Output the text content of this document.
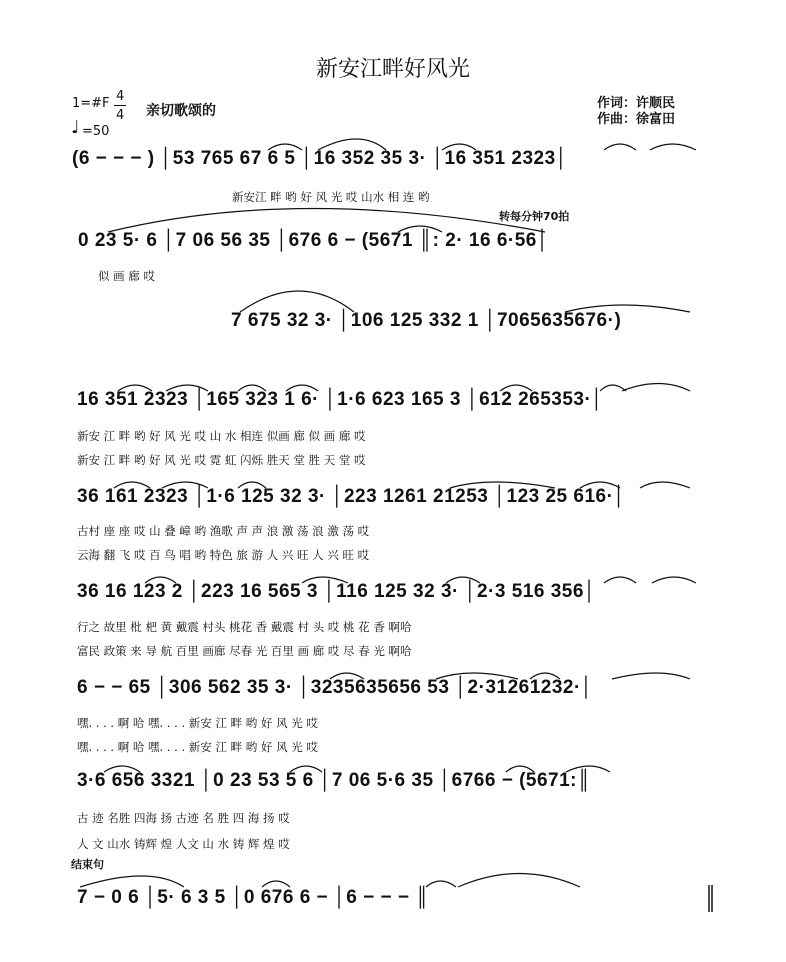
新安江畔好风光
1=#F 4
4 亲切歌颂的
♩ =50
作词：许顺民
作曲：徐富田
(6 − − − ) │53 765 67 6 5 │16 352 35 3· │16 351 2323│
新安江 畔 哟 好 风 光 哎 山水 相 连 哟
转每分钟70拍
0 23 5· 6 │7 06 56 35 │676 6 − (5671 ║: 2· 16 6·56│
似 画 廊 哎
7 675 32 3· │106 125 332 1 │7065635676·)
16 351 2323 │165 323 1 6· │1·6 623 165 3 │612 265353·│
新安 江 畔 哟 好 风 光 哎 山 水 相连 似画 廊 似 画 廊 哎
新安 江 畔 哟 好 风 光 哎 霓 虹 闪烁 胜天 堂 胜 天 堂 哎
36 161 2323 │1·6 125 32 3· │223 1261 21253 │123 25 616·│
古村 座 座 哎 山 叠 嶂 哟 渔歌 声 声 浪 激 荡 浪 激 荡 哎
云海 翻 飞 哎 百 鸟 唱 哟 特色 旅 游 人 兴 旺 人 兴 旺 哎
36 16 123 2 │223 16 565 3 │116 125 32 3· │2·3 516 356│
行之 故里 枇 杷 黄 戴震 村头 桃花 香 戴震 村 头 哎 桃 花 香 啊哈
富民 政策 来 导 航 百里 画廊 尽春 光 百里 画 廊 哎 尽 春 光 啊哈
6 − − 65 │306 562 35 3· │3235635656 53 │2·31261232·│
嘿. . . . 啊 哈 嘿. . . . 新安 江 畔 哟 好 风 光 哎
嘿. . . . 啊 哈 嘿. . . . 新安 江 畔 哟 好 风 光 哎
3·6 656 3321 │0 23 53 5 6 │7 06 5·6 35 │6766 − (5671:║
古 迹 名胜 四海 扬 古迹 名 胜 四 海 扬 哎
人 文 山水 铸辉 煌 人文 山 水 铸 辉 煌 哎
结束句
7 − 0 6 │5· 6 3 5 │0 676 6 − │6 − − − ║
